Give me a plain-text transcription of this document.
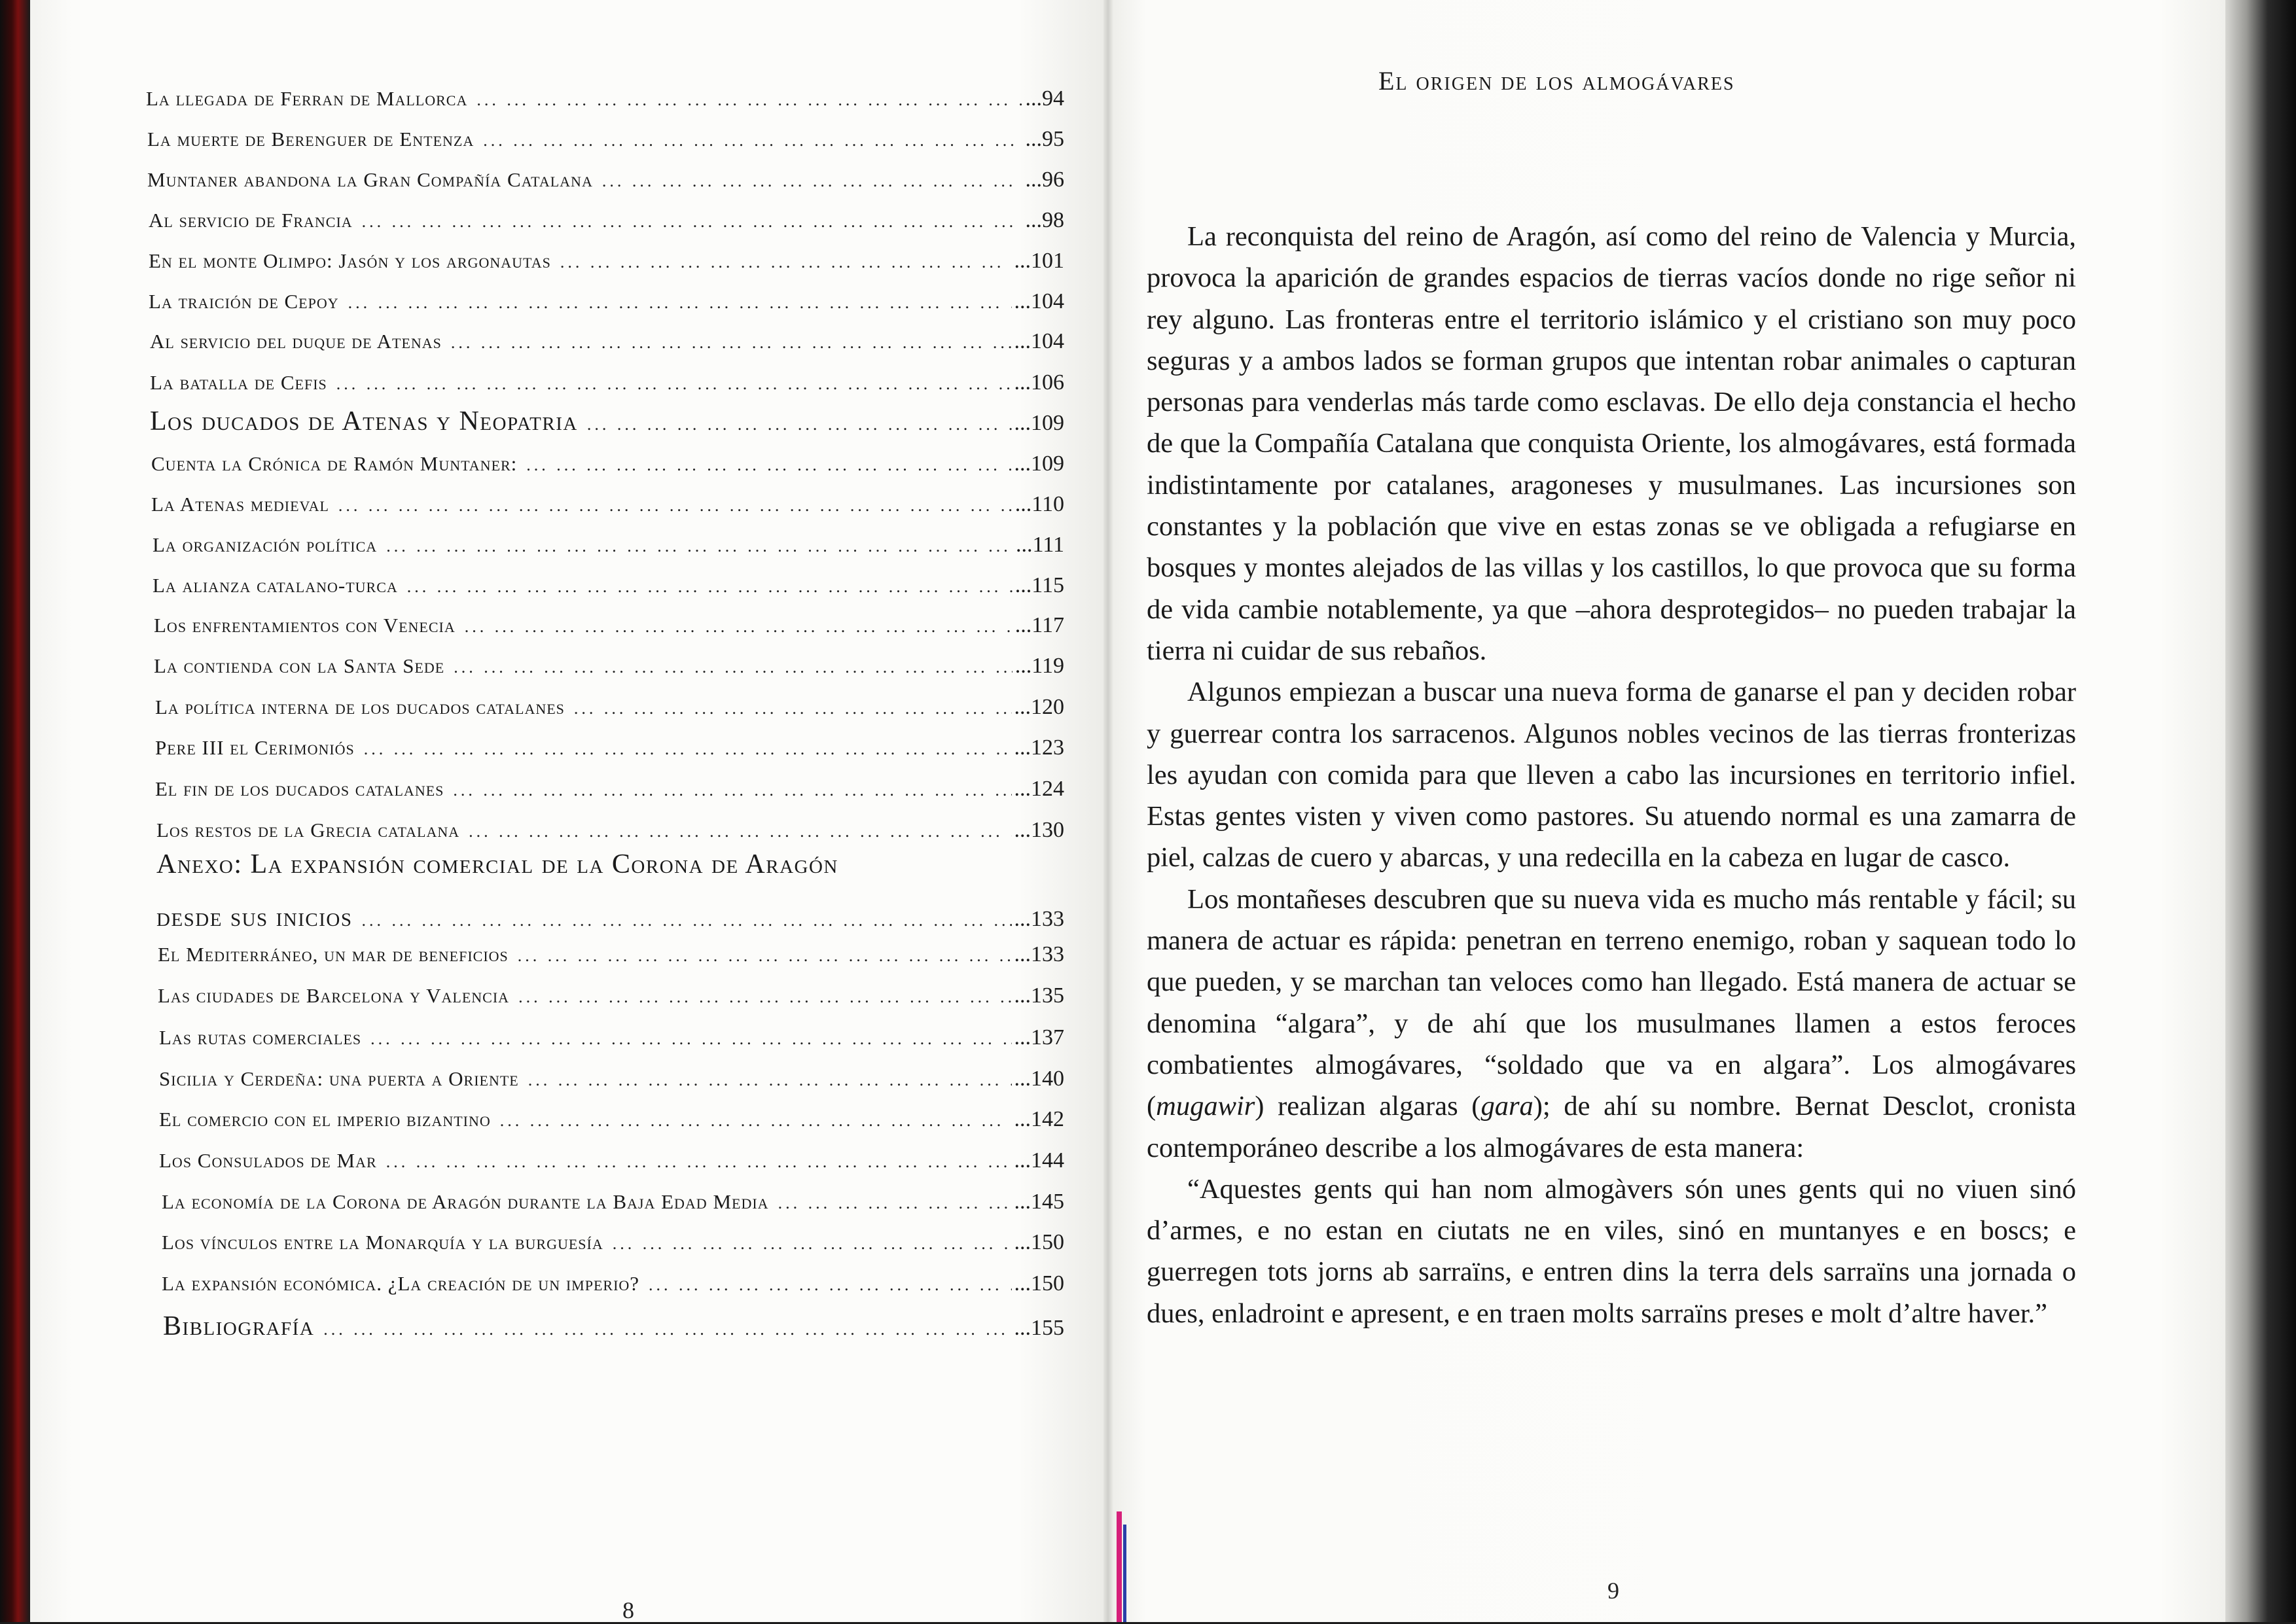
La llegada de Ferran de Mallorca ... .	...94
La muerte de Berenguer de Entenza ... .	...95
Muntaner abandona la Gran Compañía Catalana ... .	...96
Al servicio de Francia ... .	...98
En el monte Olimpo: Jasón y los argonautas ... .	...101
La traición de Cepoy ... .	...104
Al servicio del duque de Atenas ... .	...104
La batalla de Cefis ... .	...106
Los ducados de Atenas y Neopatria ... .	...109
Cuenta la Crónica de Ramón Muntaner: ... .	...109
La Atenas medieval ... .	...110
La organización política ... .	...111
La alianza catalano-turca ... .	...115
Los enfrentamientos con Venecia ... .	...117
La contienda con la Santa Sede ... .	...119
La política interna de los ducados catalanes ... .	...120
Pere III el Cerimoniós ... .	...123
El fin de los ducados catalanes ... .	...124
Los restos de la Grecia catalana ... .	...130
Anexo: La expansión comercial de la Corona de Aragón
desde sus inicios ... .	...133
El Mediterráneo, un mar de beneficios ... .	...133
Las ciudades de Barcelona y Valencia ... .	...135
Las rutas comerciales ... .	...137
Sicilia y Cerdeña: una puerta a Oriente ... .	...140
El comercio con el imperio bizantino ... .	...142
Los Consulados de Mar ... .	...144
La economía de la Corona de Aragón durante la Baja Edad Media ... .	...145
Los vínculos entre la Monarquía y la burguesía ... .	...150
La expansión económica. ¿La creación de un imperio? ... .	...150
Bibliografía ... .	...155
8
El origen de los almogávares

La reconquista del reino de Aragón, así como del reino de Valencia y Murcia, provoca la aparición de grandes espacios de tierras vacíos donde no rige señor ni rey alguno. Las fronteras entre el territorio islámico y el cristiano son muy poco seguras y a ambos lados se forman grupos que intentan robar animales o capturan personas para venderlas más tarde como esclavas. De ello deja constancia el hecho de que la Compañía Catalana que conquista Oriente, los almogávares, está formada indistintamente por catalanes, aragoneses y musulmanes. Las incursiones son constantes y la población que vive en estas zonas se ve obligada a refugiarse en bosques y montes alejados de las villas y los castillos, lo que provoca que su forma de vida cambie notablemente, ya que –ahora desprotegidos– no pueden trabajar la tierra ni cuidar de sus rebaños.

Algunos empiezan a buscar una nueva forma de ganarse el pan y deciden robar y guerrear contra los sarracenos. Algunos nobles vecinos de las tierras fronterizas les ayudan con comida para que lleven a cabo las incursiones en territorio infiel. Estas gentes visten y viven como pastores. Su atuendo normal es una zamarra de piel, calzas de cuero y abarcas, y una redecilla en la cabeza en lugar de casco.

Los montañeses descubren que su nueva vida es mucho más rentable y fácil; su manera de actuar es rápida: penetran en terreno enemigo, roban y saquean todo lo que pueden, y se marchan tan veloces como han llegado. Está manera de actuar se denomina “algara”, y de ahí que los musulmanes llamen a estos feroces combatientes almogávares, “soldado que va en algara”. Los almogávares (mugawir) realizan algaras (gara); de ahí su nombre. Bernat Desclot, cronista contemporáneo describe a los almogávares de esta manera:

“Aquestes gents qui han nom almogàvers són unes gents qui no viuen sinó d’armes, e no estan en ciutats ne en viles, sinó en muntanyes e en boscs; e guerregen tots jorns ab sarraïns, e entren dins la terra dels sarraïns una jornada o dues, enladroint e apresent, e en traen molts sarraïns preses e molt d’altre haver.”

9
